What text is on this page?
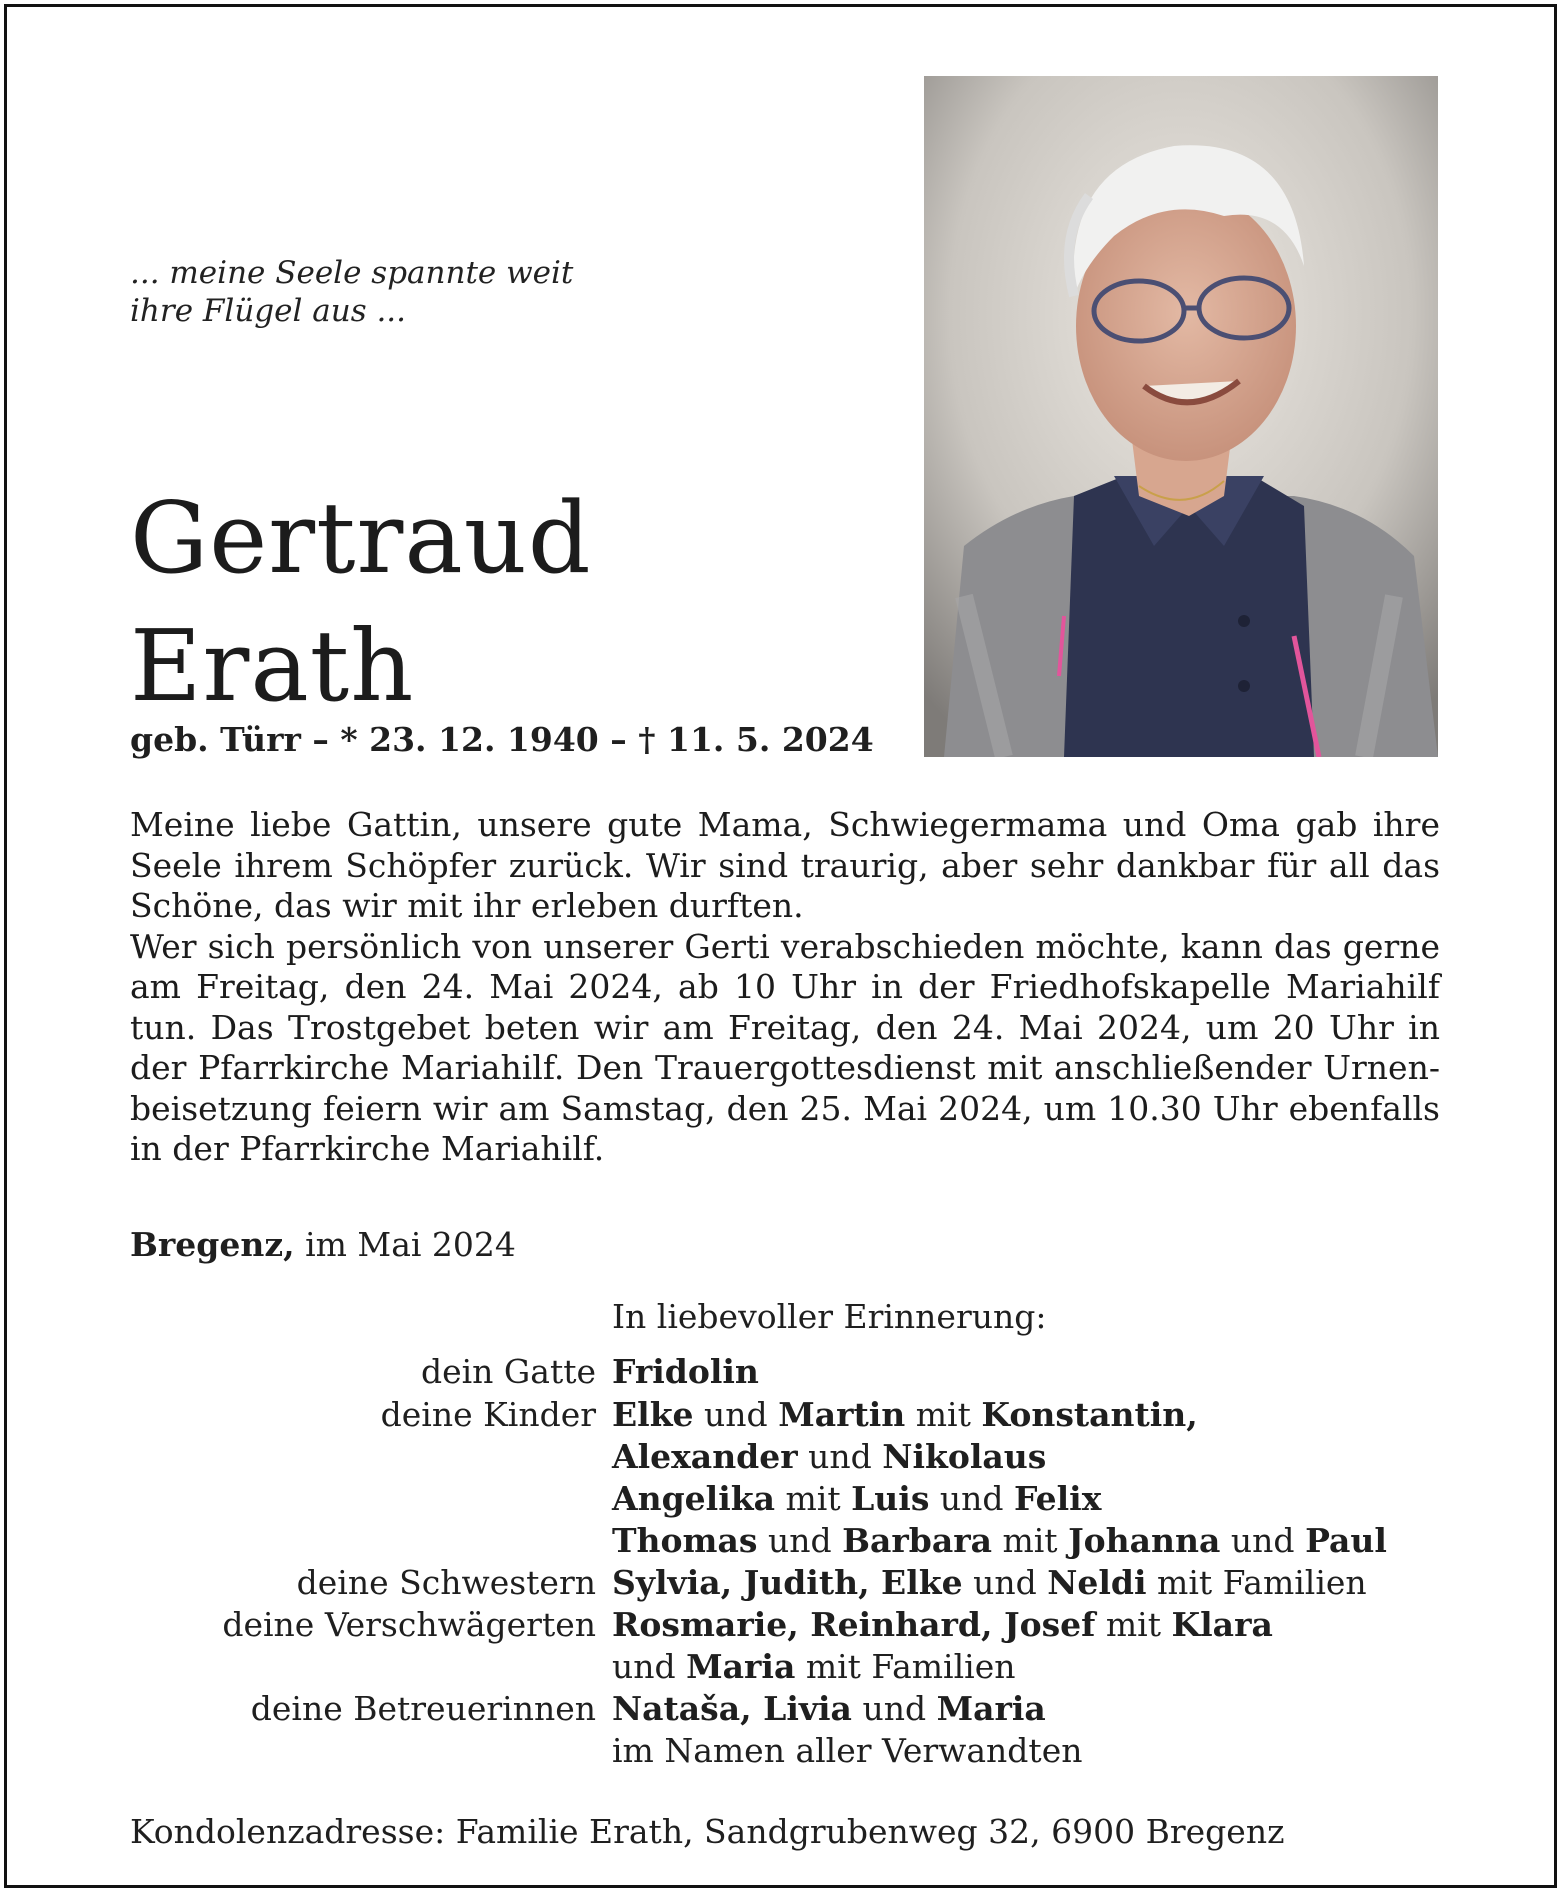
... meine Seele spannte weit
ihre Flügel aus ...
Gertraud
Erath
geb. Türr – * 23. 12. 1940 – † 11. 5. 2024

Meine liebe Gattin, unsere gute Mama, Schwiegermama und Oma gab ihre Seele ihrem Schöpfer zurück. Wir sind traurig, aber sehr dankbar für all das Schöne, das wir mit ihr erleben durften.

Wer sich persönlich von unserer Gerti verabschieden möchte, kann das gerne am Freitag, den 24. Mai 2024, ab 10 Uhr in der Friedhofskapelle Mariahilf tun. Das Trostgebet beten wir am Freitag, den 24. Mai 2024, um 20 Uhr in der Pfarrkirche Mariahilf. Den Trauergottesdienst mit anschließender Urnenbeisetzung feiern wir am Samstag, den 25. Mai 2024, um 10.30 Uhr ebenfalls in der Pfarrkirche Mariahilf.

Bregenz, im Mai 2024
In liebevoller Erinnerung:
dein Gatte
deine Kinder
deine Schwestern
deine Verschwägerten
deine Betreuerinnen
Fridolin
Elke und Martin mit Konstantin,
Alexander und Nikolaus
Angelika mit Luis und Felix
Thomas und Barbara mit Johanna und Paul
Sylvia, Judith, Elke und Neldi mit Familien
Rosmarie, Reinhard, Josef mit Klara
und Maria mit Familien
Nataša, Livia und Maria
im Namen aller Verwandten
Kondolenzadresse: Familie Erath, Sandgrubenweg 32, 6900 Bregenz
